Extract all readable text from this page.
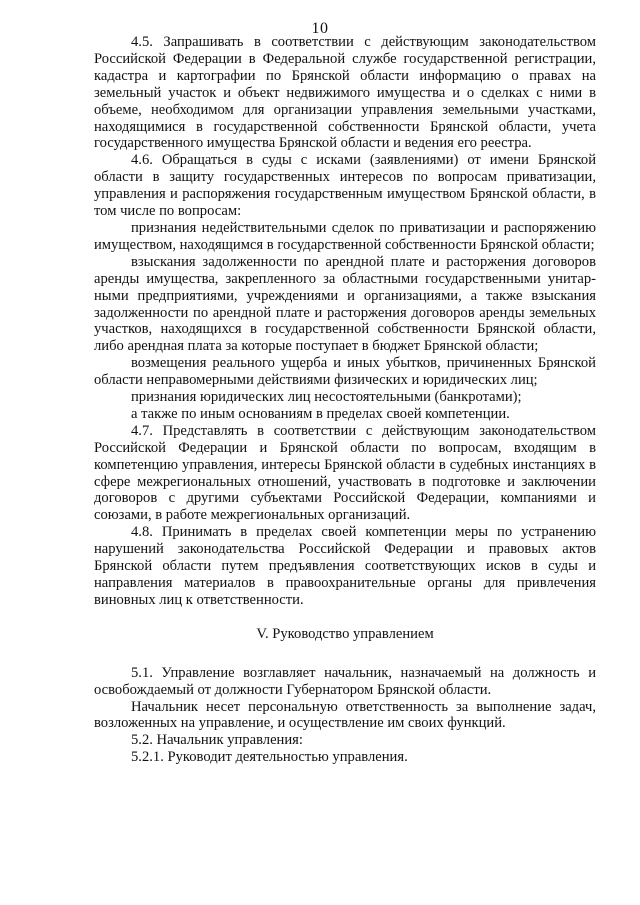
10

4.5. Запрашивать в соответствии с действующим законодательством Российской Федерации в Федеральной службе государственной регистрации, кадастра и картографии по Брянской области информацию о правах на земельный участок и объект недвижимого имущества и о сделках с ними в объеме, необходимом для организации управления земельными участками, находящимися в государственной собственности Брянской области, учета государственного имущества Брянской области и ведения его реестра.

4.6. Обращаться в суды с исками (заявлениями) от имени Брянской области в защиту государственных интересов по вопросам приватизации, управления и распоряжения государственным имуществом Брянской области, в том числе по вопросам:

признания недействительными сделок по приватизации и распоряжению имуществом, находящимся в государственной собственности Брянской области;

взыскания задолженности по арендной плате и расторжения договоров аренды имущества, закрепленного за областными государственными унитарными предприятиями, учреждениями и организациями, а также взыскания задолженности по арендной плате и расторжения договоров аренды земельных участков, находящихся в государственной собственности Брянской области, либо арендная плата за которые поступает в бюджет Брянской области;

возмещения реального ущерба и иных убытков, причиненных Брянской области неправомерными действиями физических и юридических лиц;

признания юридических лиц несостоятельными (банкротами);

а также по иным основаниям в пределах своей компетенции.

4.7. Представлять в соответствии с действующим законодательством Российской Федерации и Брянской области по вопросам, входящим в компетенцию управления, интересы Брянской области в судебных инстанциях в сфере межрегиональных отношений, участвовать в подготовке и заключении договоров с другими субъектами Российской Федерации, компаниями и союзами, в работе межрегиональных организаций.

4.8. Принимать в пределах своей компетенции меры по устранению нарушений законодательства Российской Федерации и правовых актов Брянской области путем предъявления соответствующих исков в суды и направления материалов в правоохранительные органы для привлечения виновных лиц к ответственности.

V. Руководство управлением

5.1. Управление возглавляет начальник, назначаемый на должность и освобождаемый от должности Губернатором Брянской области.

Начальник несет персональную ответственность за выполнение задач, возложенных на управление, и осуществление им своих функций.

5.2. Начальник управления:

5.2.1. Руководит деятельностью управления.
